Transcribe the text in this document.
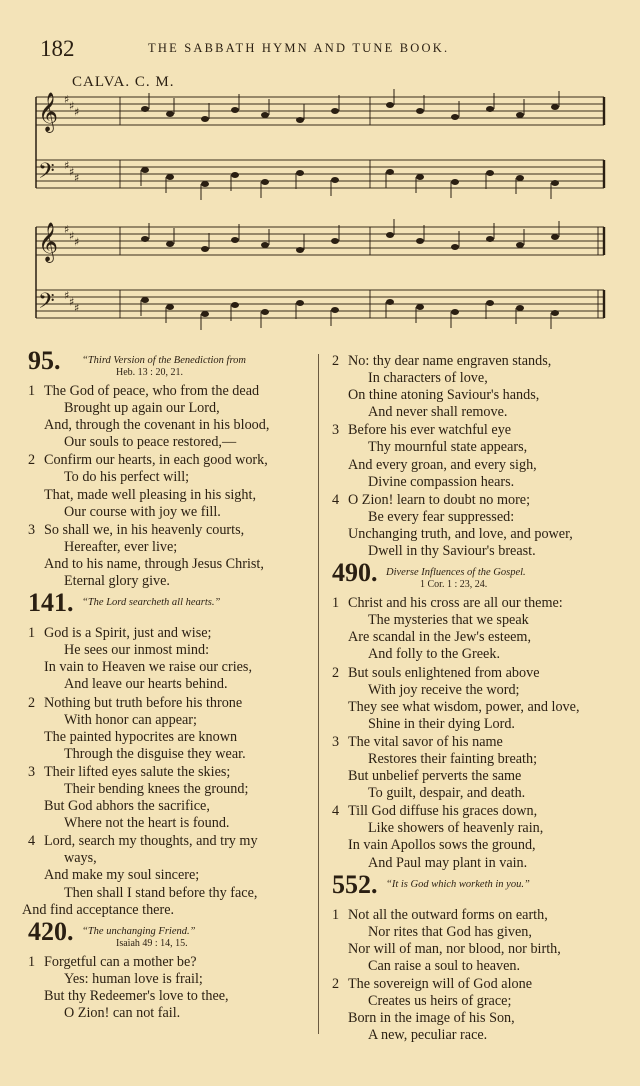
182	THE SABBATH HYMN AND TUNE BOOK.
CALVA. C. M.
𝄞 ♯ ♯ ♯
𝄢 ♯ ♯ ♯
𝄞 ♯ ♯ ♯
𝄢 ♯ ♯ ♯
95. “Third Version of the Benediction from
Heb. 13 : 20, 21.
1 The God of peace, who from the dead
Brought up again our Lord,
And, through the covenant in his blood,
Our souls to peace restored,—
2 Confirm our hearts, in each good work,
To do his perfect will;
That, made well pleasing in his sight,
Our course with joy we fill.
3 So shall we, in his heavenly courts,
Hereafter, ever live;
And to his name, through Jesus Christ,
Eternal glory give.
141. “The Lord searcheth all hearts.”
1 God is a Spirit, just and wise;
He sees our inmost mind:
In vain to Heaven we raise our cries,
And leave our hearts behind.
2 Nothing but truth before his throne
With honor can appear;
The painted hypocrites are known
Through the disguise they wear.
3 Their lifted eyes salute the skies;
Their bending knees the ground;
But God abhors the sacrifice,
Where not the heart is found.
4 Lord, search my thoughts, and try my
ways,
And make my soul sincere;
Then shall I stand before thy face,
And find acceptance there.
420. “The unchanging Friend.”
Isaiah 49 : 14, 15.
1 Forgetful can a mother be?
Yes: human love is frail;
But thy Redeemer's love to thee,
O Zion! can not fail.
2 No: thy dear name engraven stands,
In characters of love,
On thine atoning Saviour's hands,
And never shall remove.
3 Before his ever watchful eye
Thy mournful state appears,
And every groan, and every sigh,
Divine compassion hears.
4 O Zion! learn to doubt no more;
Be every fear suppressed:
Unchanging truth, and love, and power,
Dwell in thy Saviour's breast.
490. Diverse Influences of the Gospel.
1 Cor. 1 : 23, 24.
1 Christ and his cross are all our theme:
The mysteries that we speak
Are scandal in the Jew's esteem,
And folly to the Greek.
2 But souls enlightened from above
With joy receive the word;
They see what wisdom, power, and love,
Shine in their dying Lord.
3 The vital savor of his name
Restores their fainting breath;
But unbelief perverts the same
To guilt, despair, and death.
4 Till God diffuse his graces down,
Like showers of heavenly rain,
In vain Apollos sows the ground,
And Paul may plant in vain.
552. “It is God which worketh in you.”
1 Not all the outward forms on earth,
Nor rites that God has given,
Nor will of man, nor blood, nor birth,
Can raise a soul to heaven.
2 The sovereign will of God alone
Creates us heirs of grace;
Born in the image of his Son,
A new, peculiar race.
